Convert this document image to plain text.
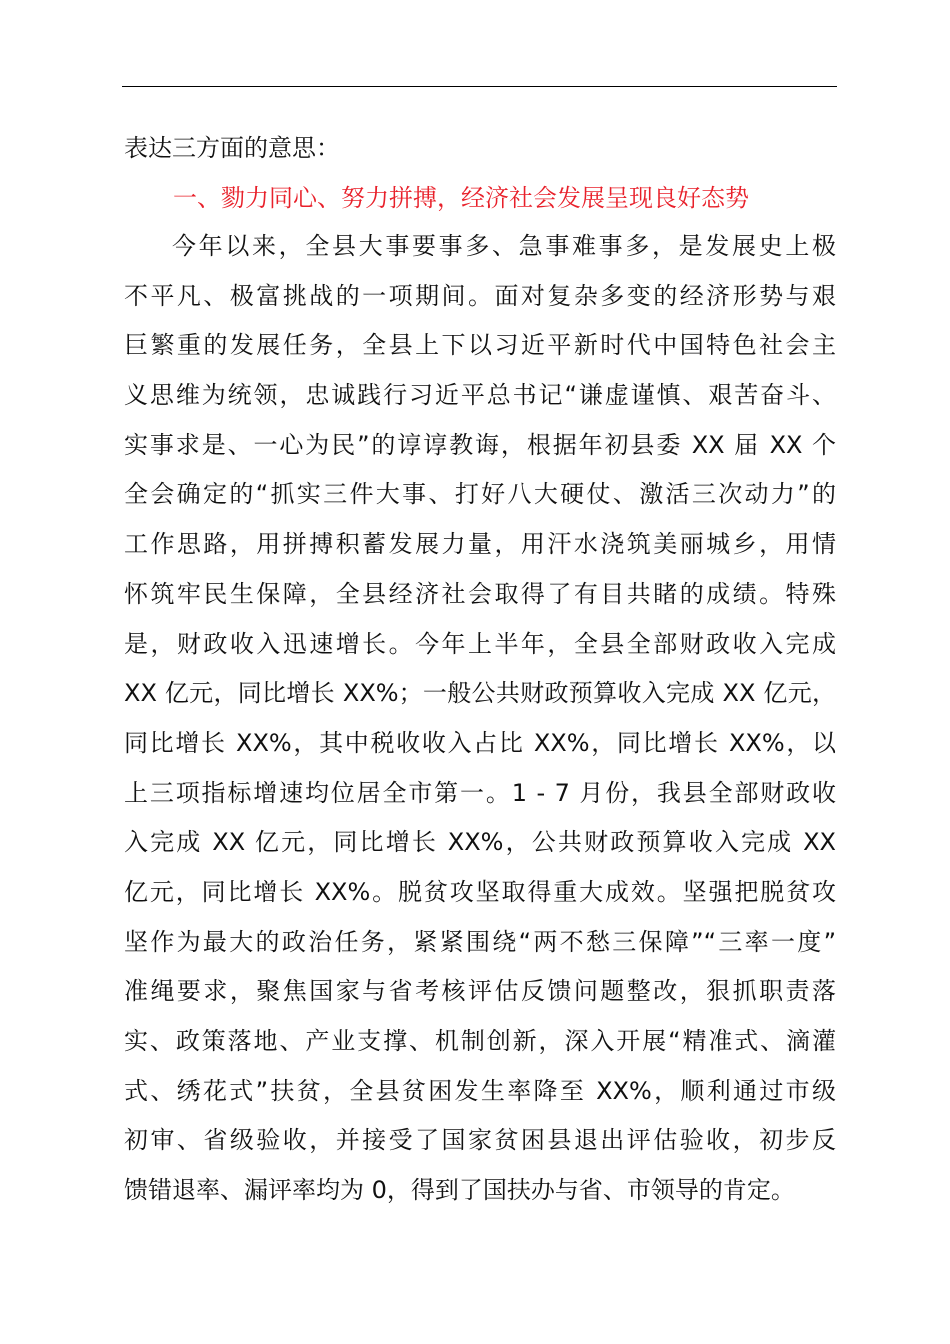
表达三方面的意思：
一、勠力同心、努力拼搏，经济社会发展呈现良好态势
今年以来，全县大事要事多、急事难事多，是发展史上极
不平凡、极富挑战的一项期间。面对复杂多变的经济形势与艰
巨繁重的发展任务，全县上下以习近平新时代中国特色社会主
义思维为统领，忠诚践行习近平总书记“谦虚谨慎、艰苦奋斗、
实事求是、一心为民”的谆谆教诲，根据年初县委 XX 届 XX 个
全会确定的“抓实三件大事、打好八大硬仗、激活三次动力”的
工作思路，用拼搏积蓄发展力量，用汗水浇筑美丽城乡，用情
怀筑牢民生保障，全县经济社会取得了有目共睹的成绩。特殊
是，财政收入迅速增长。今年上半年，全县全部财政收入完成
XX 亿元，同比增长 XX%；一般公共财政预算收入完成 XX 亿元，
同比增长 XX%，其中税收收入占比 XX%，同比增长 XX%，以
上三项指标增速均位居全市第一。1 - 7 月份，我县全部财政收
入完成 XX 亿元，同比增长 XX%，公共财政预算收入完成 XX
亿元，同比增长 XX%。脱贫攻坚取得重大成效。坚强把脱贫攻
坚作为最大的政治任务，紧紧围绕“两不愁三保障”“三率一度”
准绳要求，聚焦国家与省考核评估反馈问题整改，狠抓职责落
实、政策落地、产业支撑、机制创新，深入开展“精准式、滴灌
式、绣花式”扶贫，全县贫困发生率降至 XX%，顺利通过市级
初审、省级验收，并接受了国家贫困县退出评估验收，初步反
馈错退率、漏评率均为 0，得到了国扶办与省、市领导的肯定。
